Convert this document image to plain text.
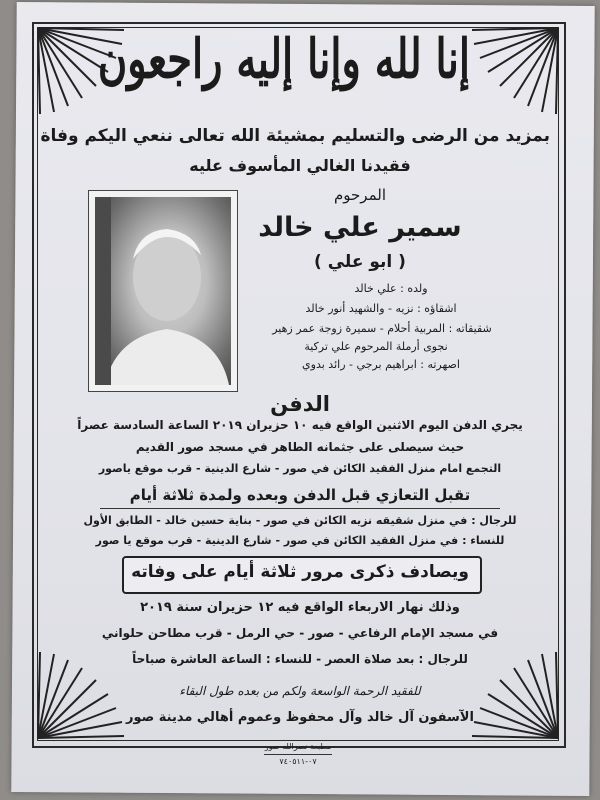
إنا لله وإنا إليه راجعون
بمزيد من الرضى والتسليم بمشيئة الله تعالى ننعي اليكم وفاة
فقيدنا الغالي المأسوف عليه
المرحوم
سمير علي خالد
( ابو علي )
ولده : علي خالد
اشقاؤه : نزيه - والشهيد أنور خالد
شقيقاته : المربية أحلام - سميرة زوجة عمر زهير
نجوى أرملة المرحوم علي تركية
اصهرته : ابراهيم برجي - رائد بدوي
الدفن
يجري الدفن اليوم الاثنين الواقع فيه ١٠ حزيران ٢٠١٩ الساعة السادسة عصراً
حيث سيصلى على جثمانه الطاهر في مسجد صور القديم
التجمع امام منزل الفقيد الكائن في صور - شارع الدينية - قرب موقع ياصور
تقبل التعازي قبل الدفن وبعده ولمدة ثلاثة أيام
للرجال : في منزل شقيقه نزيه الكائن في صور - بناية حسين خالد - الطابق الأول
للنساء : في منزل الفقيد الكائن في صور - شارع الدينية - قرب موقع يا صور
ويصادف ذكرى مرور ثلاثة أيام على وفاته
وذلك نهار الاربعاء الواقع فيه ١٢ حزيران سنة ٢٠١٩
في مسجد الإمام الرفاعي - صور - حي الرمل - قرب مطاحن حلواني
للرجال : بعد صلاة العصر - للنساء : الساعة العاشرة صباحاً
للفقيد الرحمة الواسعة ولكم من بعده طول البقاء
الآسفون آل خالد وآل محفوظ وعموم أهالي مدينة صور
مطبعة نصرالله صور
٠٧-٧٤٠٥١١
